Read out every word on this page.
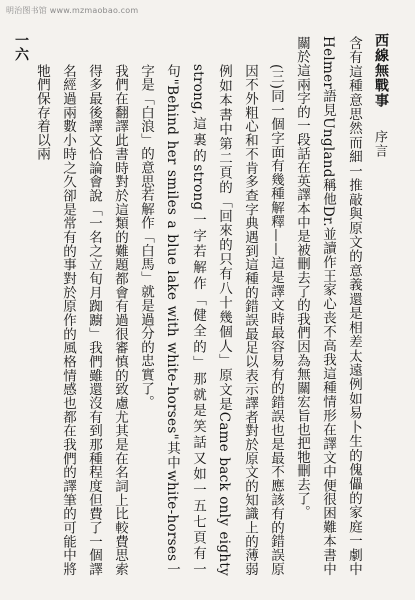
明治图书馆 www.mzmaobao.com
一六	西線無戰事
序言
含有這種意思然而細一推敲與原文的意義還是相差太遠例如易卜生的傀儡的家庭一劇中Helmer語見Ungland稱他Dr.並讀作王家心丧不高我這種情形在譯文中便很困難本書中關於這兩字的一段話在英譯本中是被刪去了的我們因為無關宏旨也把牠刪去了。
(三)同一個字面有幾種解釋——這是譯文時最容易有的錯誤也是最不應該有的錯誤原因不外粗心和不肯多查字典遇到這種的錯誤最足以表示譯者對於原文的知識上的薄弱例如本書中第二頁的「回來的只有八十幾個人」原文是Came back only eighty strong,這裏的strong一字若解作「健全的」那就是笑話又如一五七頁有一句"Behind her smiles a blue lake with white-horses"其中white-horses一字是「白浪」的意思若解作「白馬」就是過分的忠實了。
我們在翻譯此書時對於這類的難題都會有過很審慎的致慮尤其是在名詞上比較費思索得多最後譯文恰論會說「一名之立旬月踟躕」我們雖還沒有到那種程度但費了一個譯名經過兩數小時之久卻是常有的事對於原作的風格情感也都在我們的譯筆的可能中將牠們保存着以兩
